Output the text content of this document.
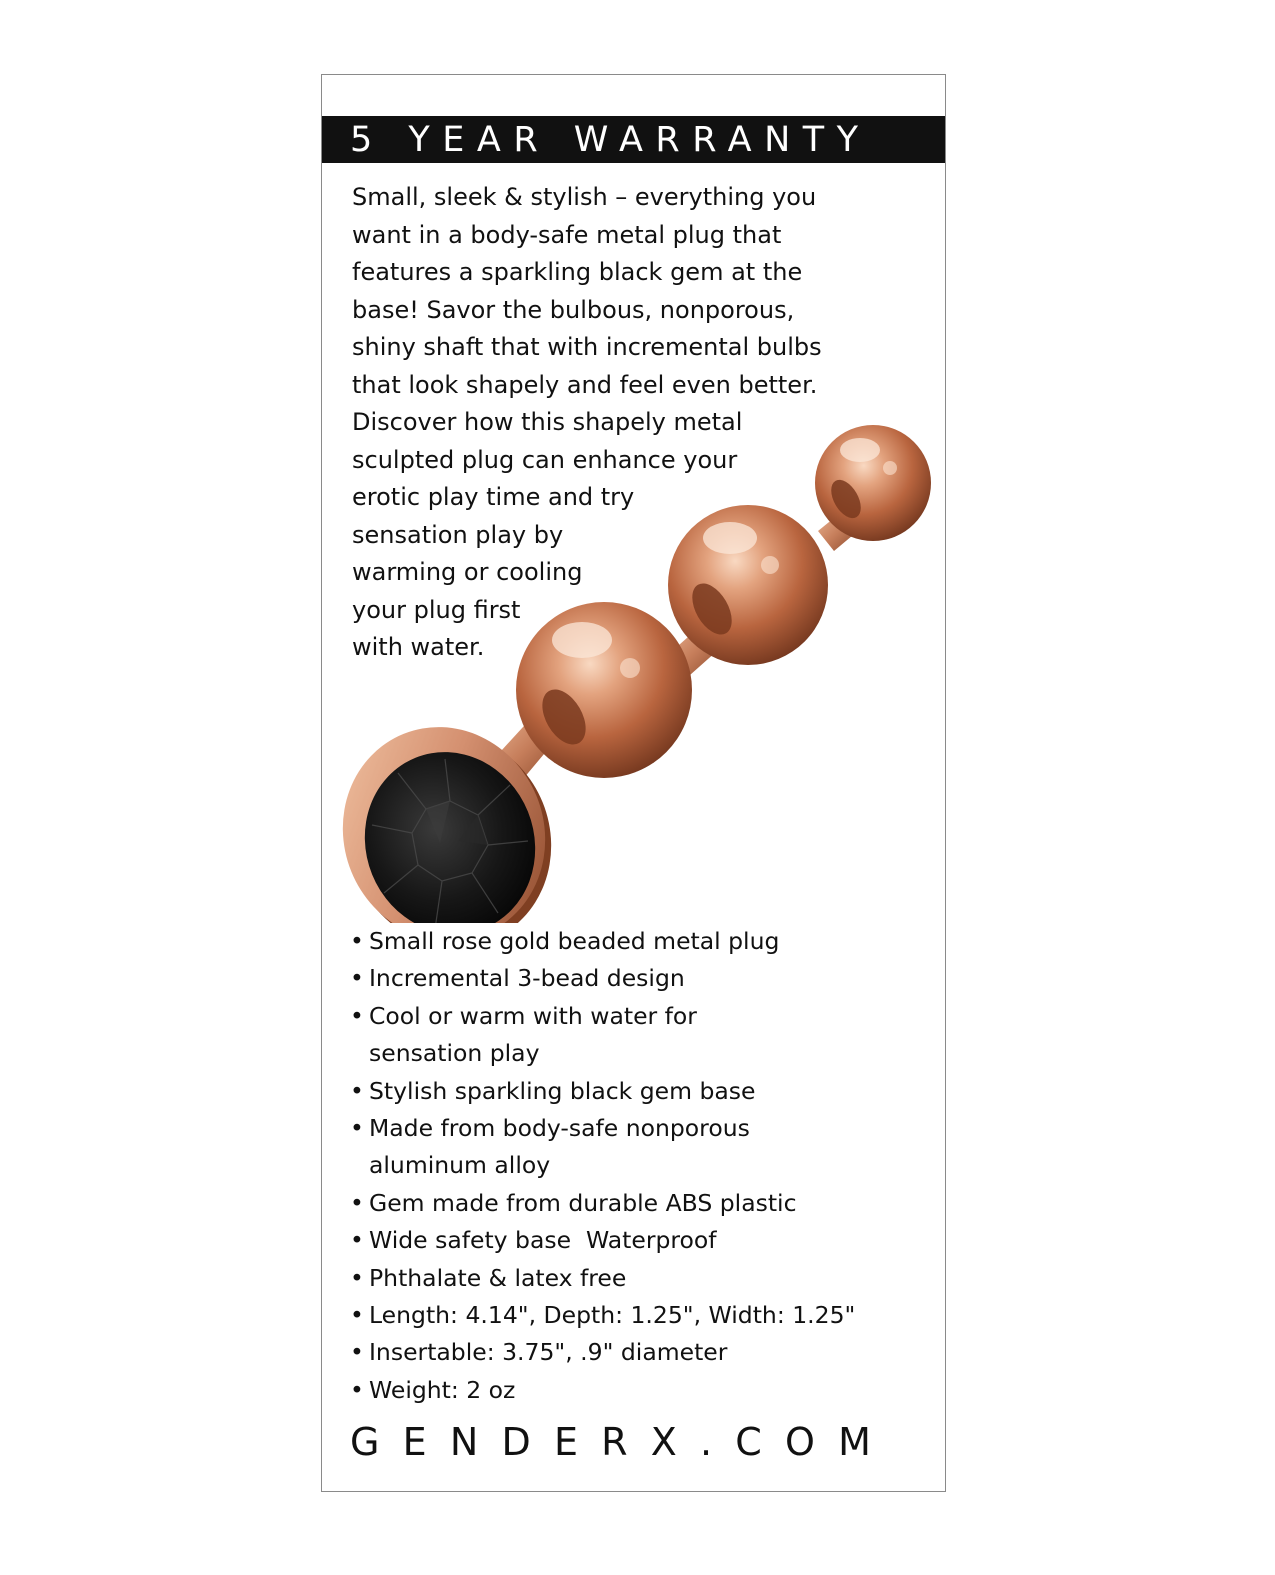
5 YEAR WARRANTY

Small, sleek & stylish – everything you
want in a body-safe metal plug that
features a sparkling black gem at the
base! Savor the bulbous, nonporous,
shiny shaft that with incremental bulbs
that look shapely and feel even better.
Discover how this shapely metal
sculpted plug can enhance your
erotic play time and try
sensation play by
warming or cooling
your plug first
with water.

• Small rose gold beaded metal plug
• Incremental 3-bead design
• Cool or warm with water for
sensation play
• Stylish sparkling black gem base
• Made from body-safe nonporous
aluminum alloy
• Gem made from durable ABS plastic
• Wide safety base  Waterproof
• Phthalate & latex free
• Length: 4.14", Depth: 1.25", Width: 1.25"
• Insertable: 3.75", .9" diameter
• Weight: 2 oz
GENDERX.COM
